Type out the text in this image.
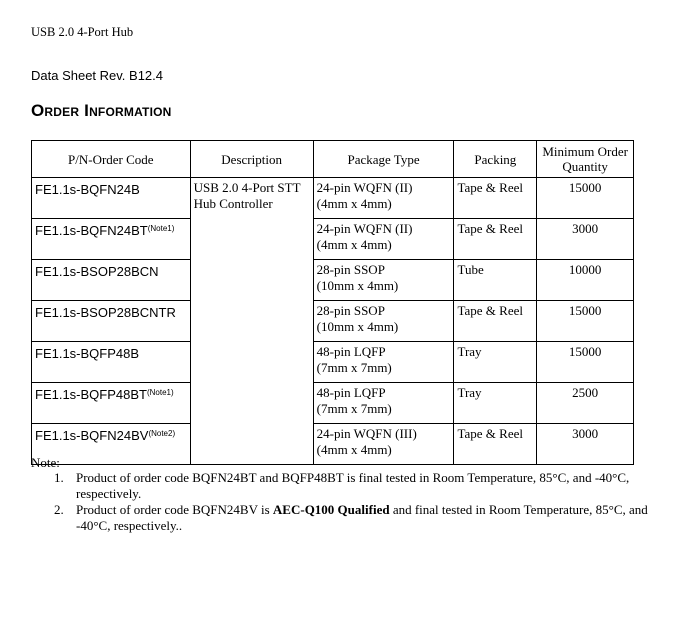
USB 2.0 4-Port Hub
Data Sheet Rev. B12.4
Order Information
P/N-Order Code	Description	Package Type	Packing	Minimum Order Quantity
FE1.1s-BQFN24B	USB 2.0 4-Port STT Hub Controller	24-pin WQFN (II)
(4mm x 4mm)	Tape & Reel	15000
$FE1.1s-BQFN24BT^{(Note1)}$		24-pin WQFN (II)
(4mm x 4mm)	Tape & Reel	3000
FE1.1s-BSOP28BCN		28-pin SSOP
(10mm x 4mm)	Tube	10000
FE1.1s-BSOP28BCNTR		28-pin SSOP
(10mm x 4mm)	Tape & Reel	15000
FE1.1s-BQFP48B		48-pin LQFP
(7mm x 7mm)	Tray	15000
$FE1.1s-BQFP48BT^{(Note1)}$		48-pin LQFP
(7mm x 7mm)	Tray	2500
$FE1.1s-BQFN24BV^{(Note2)}$		24-pin WQFN (III)
(4mm x 4mm)	Tape & Reel	3000
Note:
1. Product of order code BQFN24BT and BQFP48BT is final tested in Room Temperature, 85°C, and -40°C, respectively.
2. Product of order code BQFN24BV is AEC-Q100 Qualified and final tested in Room Temperature, 85°C, and -40°C, respectively..
